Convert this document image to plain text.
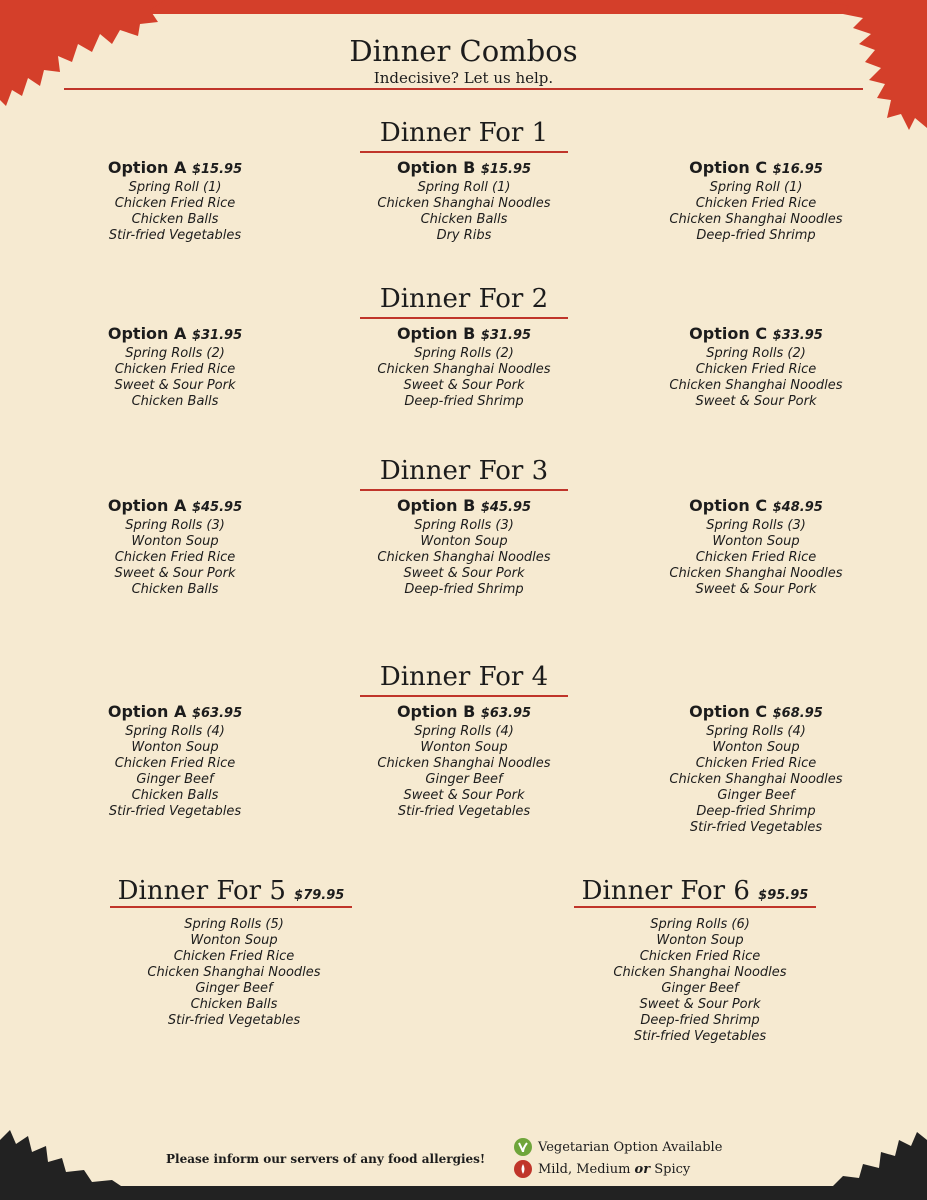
Dinner Combos

Indecisive? Let us help.

Dinner For 1
Option A $15.95
Spring Roll (1)
Chicken Fried Rice
Chicken Balls
Stir-fried Vegetables
Option B $15.95
Spring Roll (1)
Chicken Shanghai Noodles
Chicken Balls
Dry Ribs
Option C $16.95
Spring Roll (1)
Chicken Fried Rice
Chicken Shanghai Noodles
Deep-fried Shrimp
Dinner For 2
Option A $31.95
Spring Rolls (2)
Chicken Fried Rice
Sweet & Sour Pork
Chicken Balls
Option B $31.95
Spring Rolls (2)
Chicken Shanghai Noodles
Sweet & Sour Pork
Deep-fried Shrimp
Option C $33.95
Spring Rolls (2)
Chicken Fried Rice
Chicken Shanghai Noodles
Sweet & Sour Pork
Dinner For 3
Option A $45.95
Spring Rolls (3)
Wonton Soup
Chicken Fried Rice
Sweet & Sour Pork
Chicken Balls
Option B $45.95
Spring Rolls (3)
Wonton Soup
Chicken Shanghai Noodles
Sweet & Sour Pork
Deep-fried Shrimp
Option C $48.95
Spring Rolls (3)
Wonton Soup
Chicken Fried Rice
Chicken Shanghai Noodles
Sweet & Sour Pork
Dinner For 4
Option A $63.95
Spring Rolls (4)
Wonton Soup
Chicken Fried Rice
Ginger Beef
Chicken Balls
Stir-fried Vegetables
Option B $63.95
Spring Rolls (4)
Wonton Soup
Chicken Shanghai Noodles
Ginger Beef
Sweet & Sour Pork
Stir-fried Vegetables
Option C $68.95
Spring Rolls (4)
Wonton Soup
Chicken Fried Rice
Chicken Shanghai Noodles
Ginger Beef
Deep-fried Shrimp
Stir-fried Vegetables
Dinner For 5 $79.95
Spring Rolls (5)
Wonton Soup
Chicken Fried Rice
Chicken Shanghai Noodles
Ginger Beef
Chicken Balls
Stir-fried Vegetables
Dinner For 6 $95.95
Spring Rolls (6)
Wonton Soup
Chicken Fried Rice
Chicken Shanghai Noodles
Ginger Beef
Sweet & Sour Pork
Deep-fried Shrimp
Stir-fried Vegetables
Please inform our servers of any food allergies!
Vegetarian Option Available
Mild, Medium or Spicy
